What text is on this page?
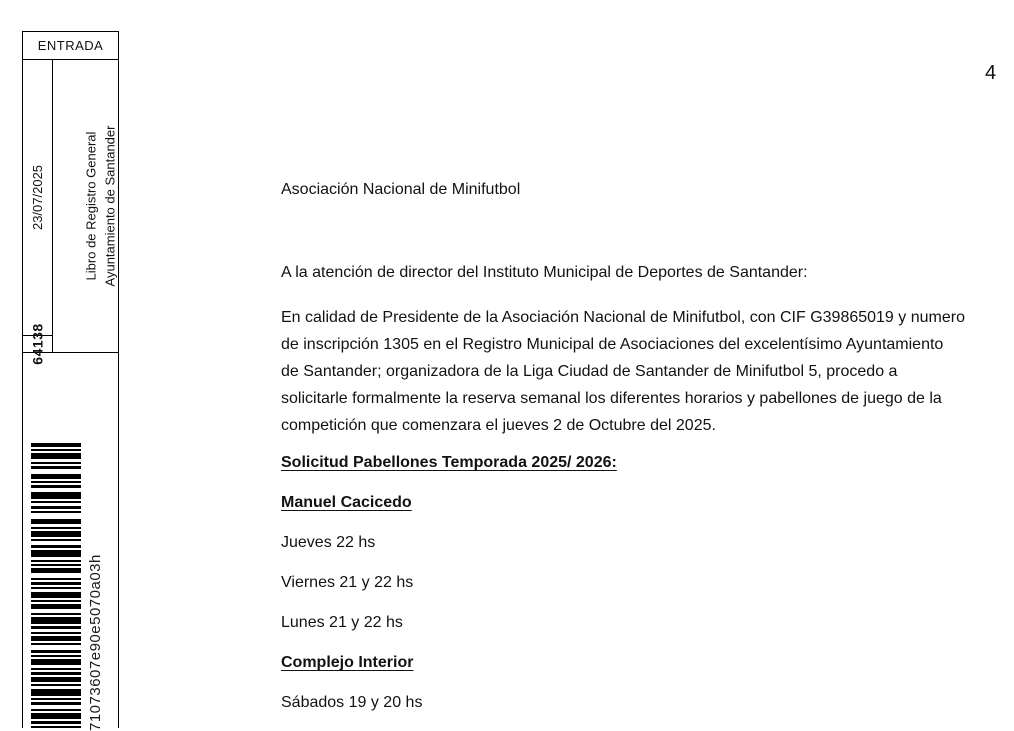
ENTRADA
23/07/2025
64138
Libro de Registro General Ayuntamiento de Santander
71073607e90e5070a03h
4
Asociación Nacional de Minifutbol
A la atención de director del Instituto Municipal de Deportes de Santander:
En calidad de Presidente de la Asociación Nacional de Minifutbol, con CIF G39865019 y numero
de inscripción 1305 en el Registro Municipal de Asociaciones del excelentísimo Ayuntamiento
de Santander; organizadora de la Liga Ciudad de Santander de Minifutbol 5, procedo a
solicitarle formalmente la reserva semanal los diferentes horarios y pabellones de juego de la
competición que comenzara el jueves 2 de Octubre del 2025.
Solicitud Pabellones Temporada 2025/ 2026:
Manuel Cacicedo
Jueves 22 hs
Viernes 21 y 22 hs
Lunes 21 y 22 hs
Complejo Interior
Sábados 19 y 20 hs
